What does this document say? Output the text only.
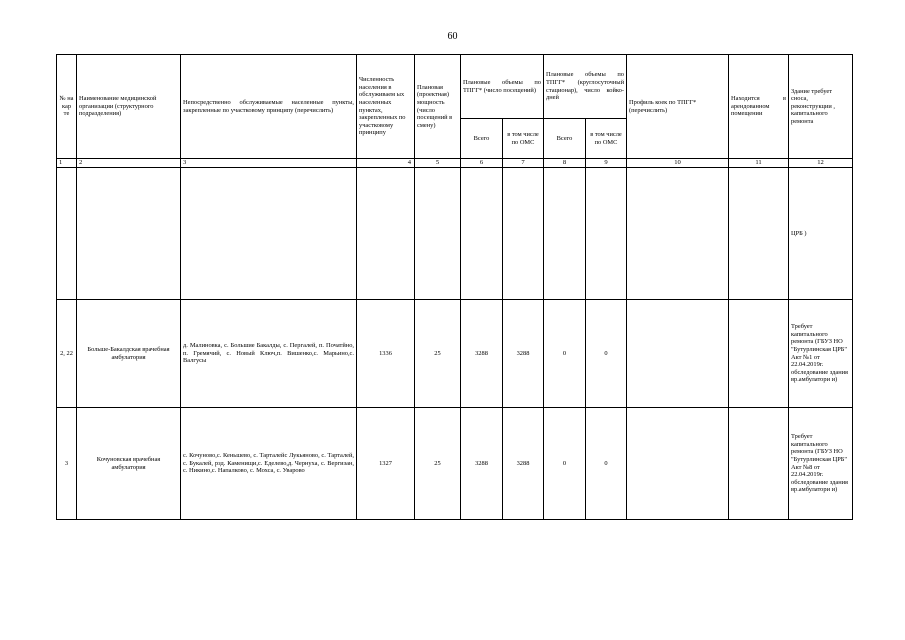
60
№ на кар те	Наименование медицинской организации (структурного подразделения)	Непосредственно обслуживаемые населенные пункты, закрепленные по участковому принципу (перечислить)	Численность населения в обслуживаем ых населенных пунктах, закрепленных по участковому принципу	Плановая (проектная) мощность (число посещений в смену)	Плановые объемы по ТПГГ* (число посещений)		Плановые объемы по ТПГГ* (круглосуточный стационар), число койко-дней		Профиль коек по ТПГГ* (перечислить)	Находится в арендованном помещении	Здание требует сноса, реконструкции , капитального ремонта
					Всего	в том числе по ОМС	Всего	в том числе по ОМС			
1	2	3	4	5	6	7	8	9	10	11	12
											ЦРБ )
2, 22	Больше-Бакалдская врачебная амбулатория	д. Малиновка, с. Большие Бакалды, с. Пергалей, п. Початйно, п. Гремячий, с. Новый Ключ,п. Вишенко,с. Марьино,с. Валгусы	1336	25	3288	3288	0	0			Требует капитального ремонта (ГБУЗ НО "Бутурлинская ЦРБ" Акт №1 от 22.04.2019г. обследование здания вр.амбулатори и)
3	Кочуновская врачебная амбулатория	с. Кочуново,с. Кеньшево, с. Тарталейс Лукьяново, с. Тарталей, с. Букалей, рзд. Каменищи,с. Еделево,д. Чернуха, с. Вергизан, с. Никино,с. Напалково, с. Мохса, с. Уварово	1327	25	3288	3288	0	0			Требует капитального ремонта (ГБУЗ НО "Бутурлинская ЦРБ" Акт №8 от 22.04.2019г. обследование здания вр.амбулатори и)
